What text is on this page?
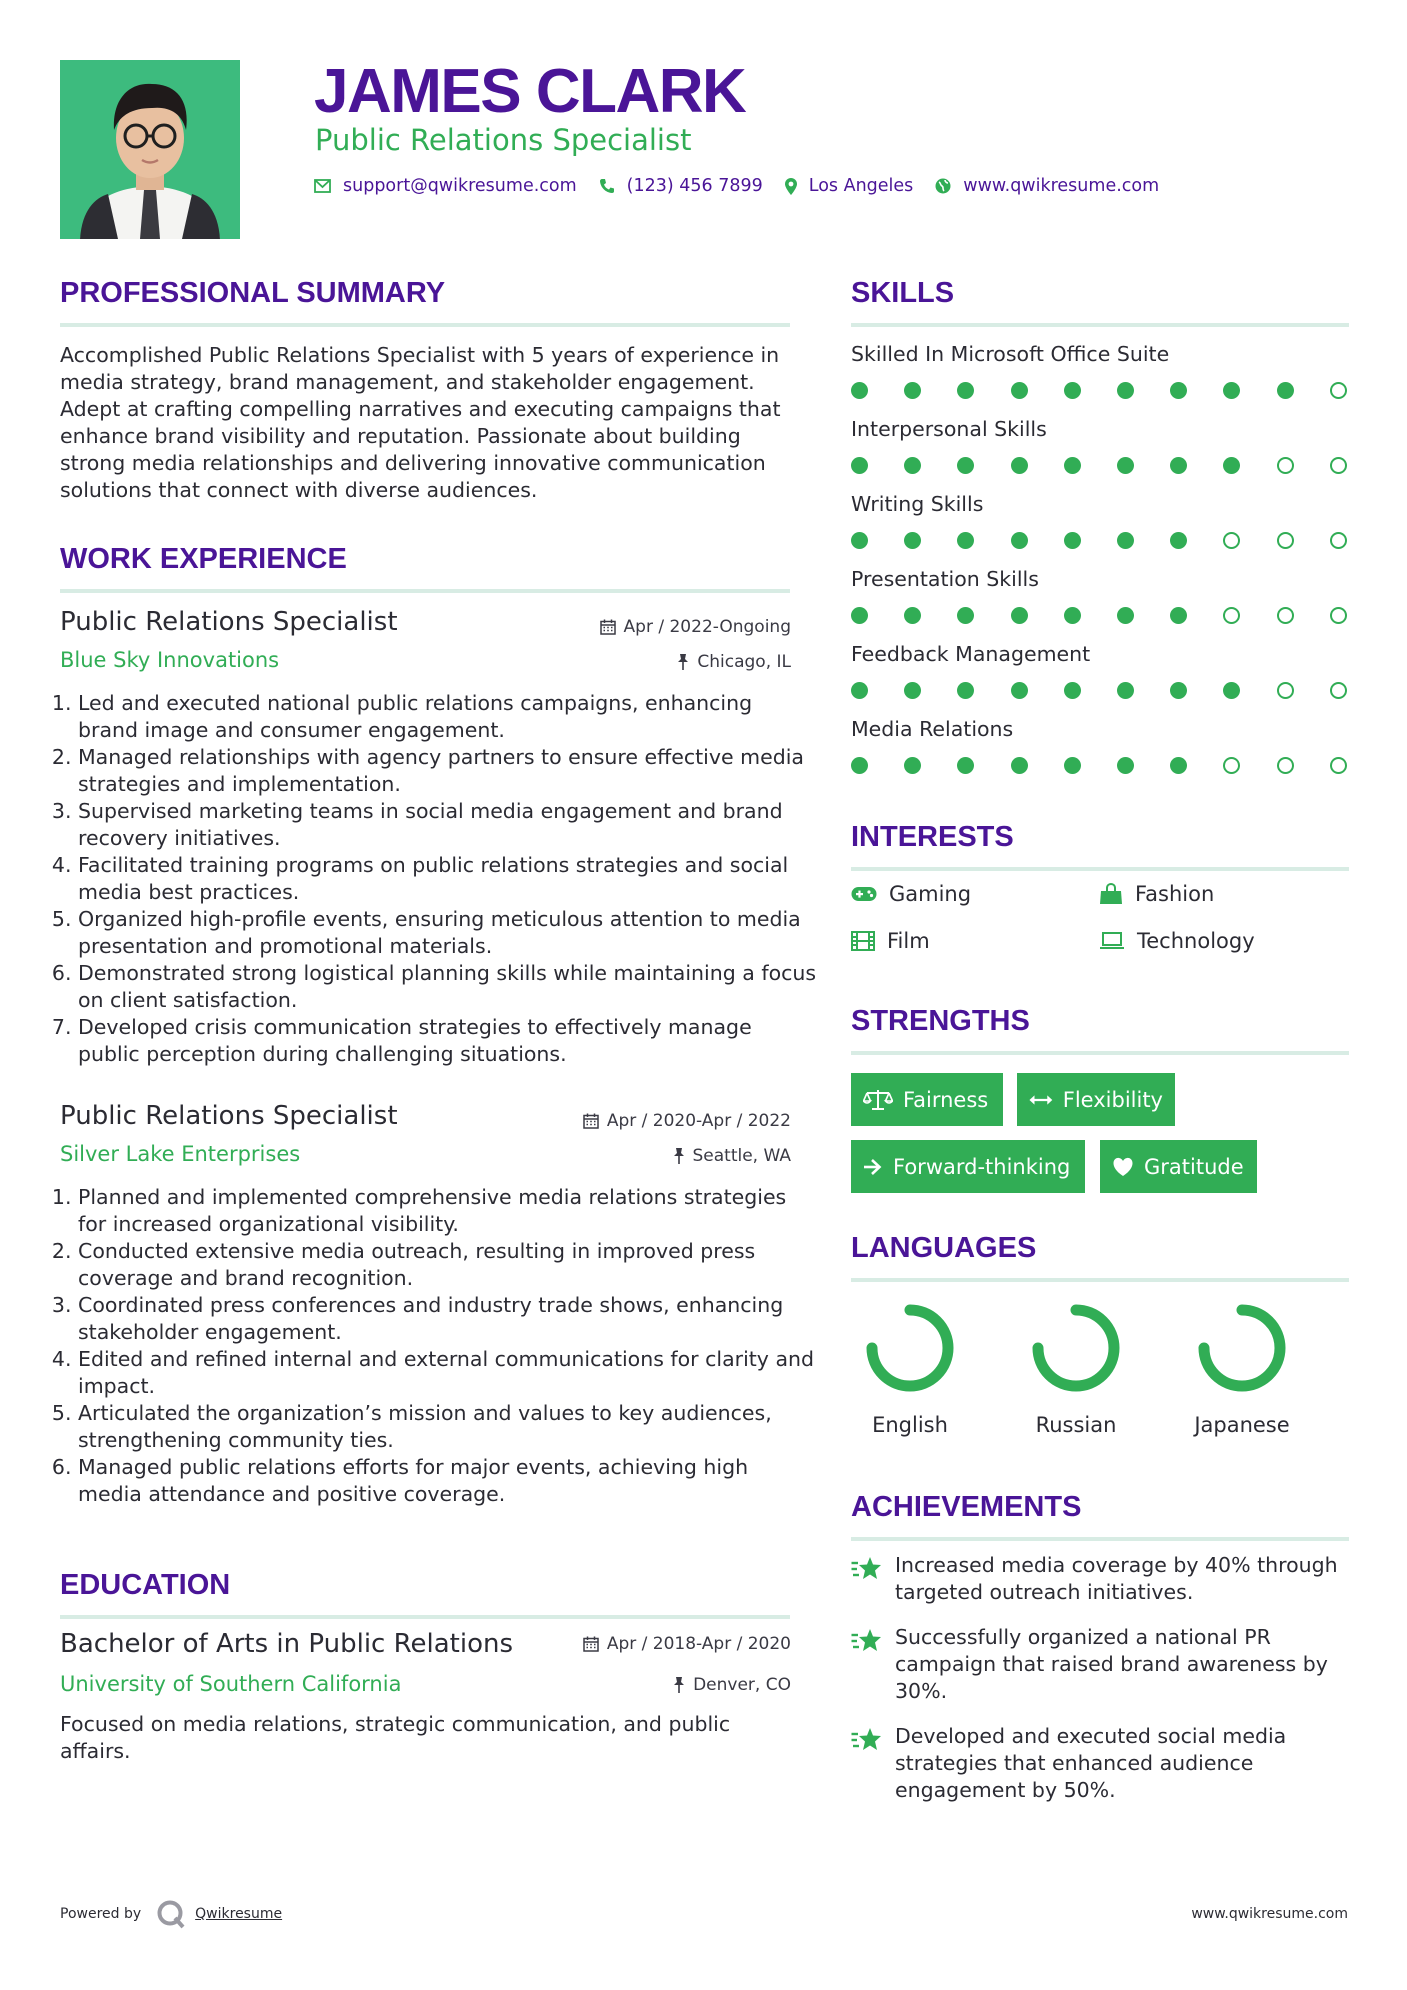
JAMES CLARK
Public Relations Specialist
support@qwikresume.com	(123) 456 7899	Los Angeles	www.qwikresume.com
PROFESSIONAL SUMMARY
Accomplished Public Relations Specialist with 5 years of experience in media strategy, brand management, and stakeholder engagement. Adept at crafting compelling narratives and executing campaigns that enhance brand visibility and reputation. Passionate about building strong media relationships and delivering innovative communication solutions that connect with diverse audiences.
WORK EXPERIENCE
Public Relations Specialist	Apr / 2022-Ongoing
Blue Sky Innovations	Chicago, IL
1. Led and executed national public relations campaigns, enhancing brand image and consumer engagement.
2. Managed relationships with agency partners to ensure effective media strategies and implementation.
3. Supervised marketing teams in social media engagement and brand recovery initiatives.
4. Facilitated training programs on public relations strategies and social media best practices.
5. Organized high-profile events, ensuring meticulous attention to media presentation and promotional materials.
6. Demonstrated strong logistical planning skills while maintaining a focus on client satisfaction.
7. Developed crisis communication strategies to effectively manage public perception during challenging situations.
Public Relations Specialist	Apr / 2020-Apr / 2022
Silver Lake Enterprises	Seattle, WA
1. Planned and implemented comprehensive media relations strategies for increased organizational visibility.
2. Conducted extensive media outreach, resulting in improved press coverage and brand recognition.
3. Coordinated press conferences and industry trade shows, enhancing stakeholder engagement.
4. Edited and refined internal and external communications for clarity and impact.
5. Articulated the organization’s mission and values to key audiences, strengthening community ties.
6. Managed public relations efforts for major events, achieving high media attendance and positive coverage.
EDUCATION
Bachelor of Arts in Public Relations	Apr / 2018-Apr / 2020
University of Southern California	Denver, CO
Focused on media relations, strategic communication, and public affairs.
SKILLS
Skilled In Microsoft Office Suite
Interpersonal Skills
Writing Skills
Presentation Skills
Feedback Management
Media Relations
INTERESTS
Gaming	Fashion
Film	Technology
STRENGTHS
Fairness	Flexibility
Forward-thinking	Gratitude
LANGUAGES
English	Russian	Japanese
ACHIEVEMENTS
Increased media coverage by 40% through targeted outreach initiatives.
Successfully organized a national PR campaign that raised brand awareness by 30%.
Developed and executed social media strategies that enhanced audience engagement by 50%.
Powered by	Qwikresume	www.qwikresume.com
